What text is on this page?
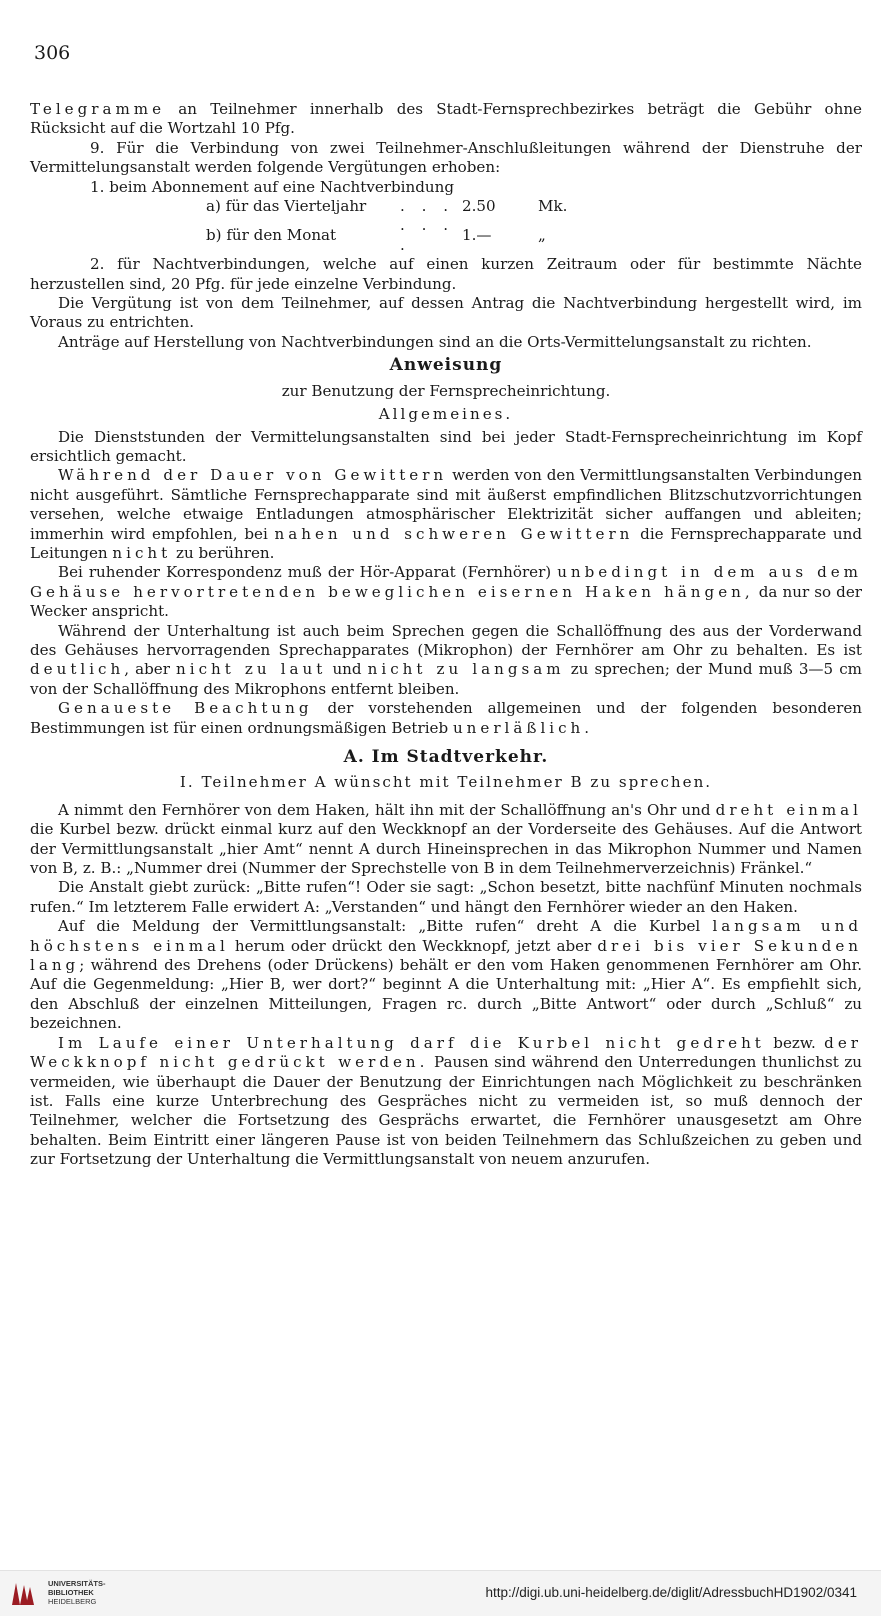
306

Telegramme an Teilnehmer innerhalb des Stadt-Fernsprechbezirkes beträgt die Gebühr ohne Rücksicht auf die Wortzahl 10 Pfg.

9. Für die Verbindung von zwei Teilnehmer-Anschlußleitungen während der Dienstruhe der Vermittelungsanstalt werden folgende Vergütungen erhoben:

1. beim Abonnement auf eine Nachtverbindung

a) für das Vierteljahr	. . .	2.50	Mk.
b) für den Monat	. . . .	1.—	„

2. für Nachtverbindungen, welche auf einen kurzen Zeitraum oder für bestimmte Nächte herzustellen sind, 20 Pfg. für jede einzelne Verbindung.

Die Vergütung ist von dem Teilnehmer, auf dessen Antrag die Nachtverbindung hergestellt wird, im Voraus zu entrichten.

Anträge auf Herstellung von Nachtverbindungen sind an die Orts-Vermittelungsanstalt zu richten.

Anweisung

zur Benutzung der Fernsprecheinrichtung.

Allgemeines.

Die Dienststunden der Vermittelungsanstalten sind bei jeder Stadt-Fernsprecheinrichtung im Kopf ersichtlich gemacht.

Während der Dauer von Gewittern werden von den Vermittlungsanstalten Verbindungen nicht ausgeführt. Sämtliche Fernsprechapparate sind mit äußerst empfindlichen Blitzschutzvorrichtungen versehen, welche etwaige Entladungen atmosphärischer Elektrizität sicher auffangen und ableiten; immerhin wird empfohlen, bei nahen und schweren Gewittern die Fernsprechapparate und Leitungen nicht zu berühren.

Bei ruhender Korrespondenz muß der Hör-Apparat (Fernhörer) unbedingt in dem aus dem Gehäuse hervortretenden beweglichen eisernen Haken hängen, da nur so der Wecker anspricht.

Während der Unterhaltung ist auch beim Sprechen gegen die Schallöffnung des aus der Vorderwand des Gehäuses hervorragenden Sprechapparates (Mikrophon) der Fernhörer am Ohr zu behalten. Es ist deutlich, aber nicht zu laut und nicht zu langsam zu sprechen; der Mund muß 3—5 cm von der Schallöffnung des Mikrophons entfernt bleiben.

Genaueste Beachtung der vorstehenden allgemeinen und der folgenden besonderen Bestimmungen ist für einen ordnungsmäßigen Betrieb unerläßlich.

A. Im Stadtverkehr.

I. Teilnehmer A wünscht mit Teilnehmer B zu sprechen.

A nimmt den Fernhörer von dem Haken, hält ihn mit der Schallöffnung an's Ohr und dreht einmal die Kurbel bezw. drückt einmal kurz auf den Weckknopf an der Vorderseite des Gehäuses. Auf die Antwort der Vermittlungsanstalt „hier Amt“ nennt A durch Hineinsprechen in das Mikrophon Nummer und Namen von B, z. B.: „Nummer drei (Nummer der Sprechstelle von B in dem Teilnehmerverzeichnis) Fränkel.“

Die Anstalt giebt zurück: „Bitte rufen“! Oder sie sagt: „Schon besetzt, bitte nachfünf Minuten nochmals rufen.“ Im letzterem Falle erwidert A: „Verstanden“ und hängt den Fernhörer wieder an den Haken.

Auf die Meldung der Vermittlungsanstalt: „Bitte rufen“ dreht A die Kurbel langsam und höchstens einmal herum oder drückt den Weckknopf, jetzt aber drei bis vier Sekunden lang; während des Drehens (oder Drückens) behält er den vom Haken genommenen Fernhörer am Ohr. Auf die Gegenmeldung: „Hier B, wer dort?“ beginnt A die Unterhaltung mit: „Hier A“. Es empfiehlt sich, den Abschluß der einzelnen Mitteilungen, Fragen rc. durch „Bitte Antwort“ oder durch „Schluß“ zu bezeichnen.

Im Laufe einer Unterhaltung darf die Kurbel nicht gedreht bezw. der Weckknopf nicht gedrückt werden. Pausen sind während den Unterredungen thunlichst zu vermeiden, wie überhaupt die Dauer der Benutzung der Einrichtungen nach Möglichkeit zu beschränken ist. Falls eine kurze Unterbrechung des Gespräches nicht zu vermeiden ist, so muß dennoch der Teilnehmer, welcher die Fortsetzung des Gesprächs erwartet, die Fernhörer unausgesetzt am Ohre behalten. Beim Eintritt einer längeren Pause ist von beiden Teilnehmern das Schlußzeichen zu geben und zur Fortsetzung der Unterhaltung die Vermittlungsanstalt von neuem anzurufen.

UNIVERSITÄTS-
BIBLIOTHEK
HEIDELBERG
http://digi.ub.uni-heidelberg.de/diglit/AdressbuchHD1902/0341
